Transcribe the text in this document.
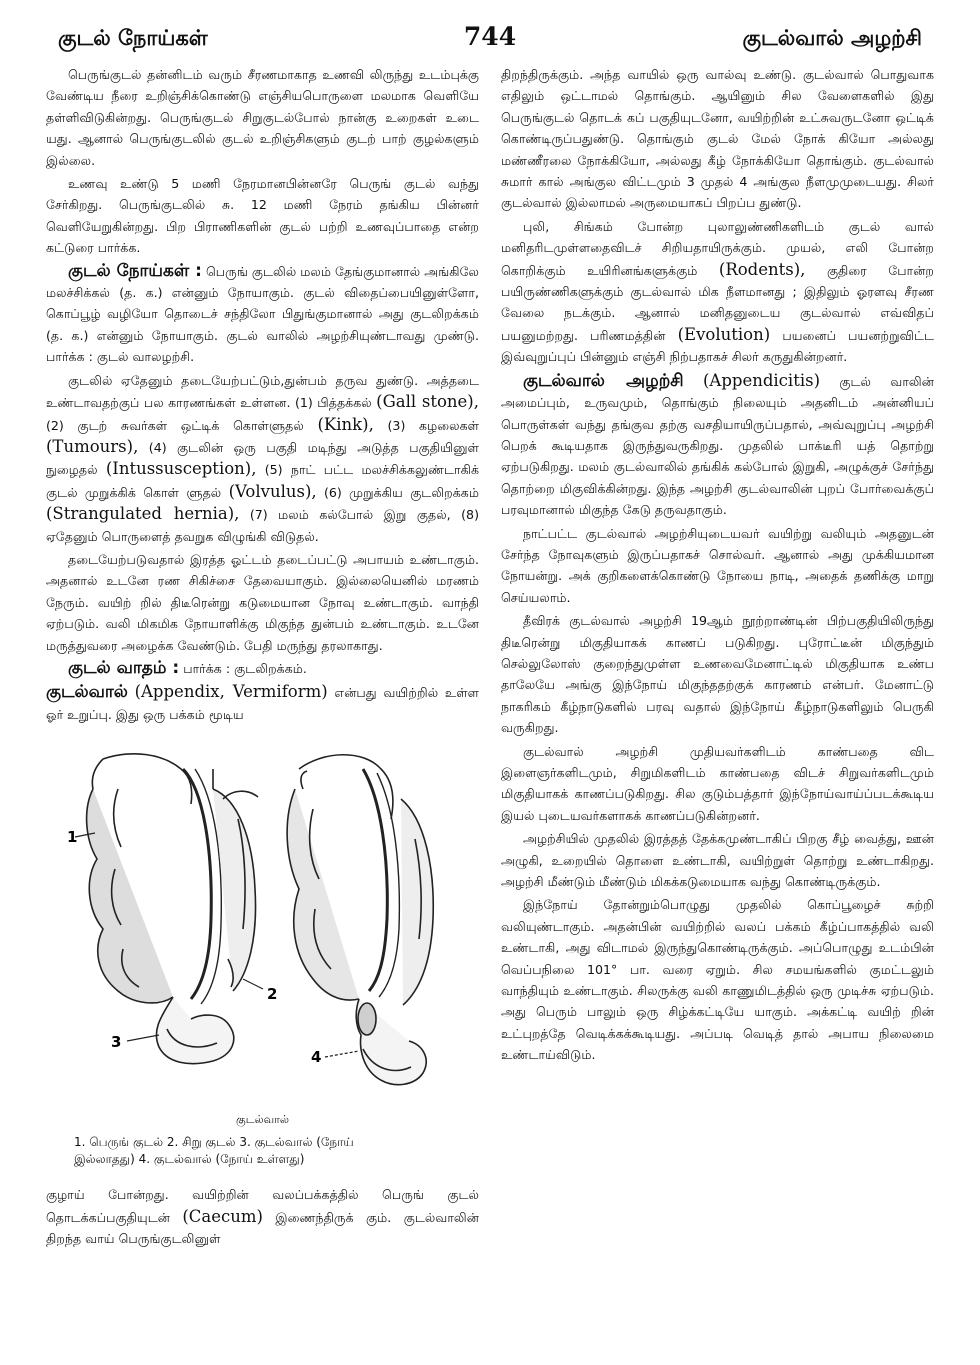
குடல் நோய்கள்	744	குடல்வால் அழற்சி

பெருங்குடல் தன்னிடம் வரும் சீரணமாகாத உணவி லிருந்து உடம்புக்கு வேண்டிய நீரை உறிஞ்சிக்கொண்டு எஞ்சியபொருளை மலமாக வெளியே தள்ளிவிடுகின்றது. பெருங்குடல் சிறுகுடல்போல் நான்கு உறைகள் உடை யது. ஆனால் பெருங்குடலில் குடல் உறிஞ்சிகளும் குடற் பாற் குழல்களும் இல்லை.

உணவு உண்டு 5 மணி நேரமானபின்னரே பெருங் குடல் வந்து சேர்கிறது. பெருங்குடலில் சு. 12 மணி நேரம் தங்கிய பின்னர் வெளியேறுகின்றது. பிற பிராணிகளின் குடல் பற்றி உணவுப்பாதை என்ற கட்டுரை பார்க்க.

குடல் நோய்கள் : பெருங் குடலில் மலம் தேங்குமானால் அங்கிலே மலச்சிக்கல் (த. க.) என்னும் நோயாகும். குடல் விதைப்பையினுள்ளோ, கொப்பூழ் வழியோ தொடைச் சந்திலோ பிதுங்குமானால் அது குடலிறக்கம் (த. க.) என்னும் நோயாகும். குடல் வாலில் அழற்சியுண்டாவது முண்டு. பார்க்க : குடல் வாலழற்சி.

குடலில் ஏதேனும் தடையேற்பட்டும்,துன்பம் தருவ துண்டு. அத்தடை உண்டாவதற்குப் பல காரணங்கள் உள்ளன. (1) பித்தக்கல் (Gall stone), (2) குடற் சுவர்கள் ஒட்டிக் கொள்ளுதல் (Kink), (3) கழலைகள் (Tumours), (4) குடலின் ஒரு பகுதி மடிந்து அடுத்த பகுதியினுள் நுழைதல் (Intussusception), (5) நாட் பட்ட மலச்சிக்கலுண்டாகிக் குடல் முறுக்கிக் கொள் ளுதல் (Volvulus), (6) முறுக்கிய குடலிறக்கம் (Strangulated hernia), (7) மலம் கல்போல் இறு குதல், (8) ஏதேனும் பொருளைத் தவறுக விழுங்கி விடுதல்.

தடையேற்படுவதால் இரத்த ஓட்டம் தடைப்பட்டு அபாயம் உண்டாகும். அதனால் உடனே ரண சிகிச்சை தேவையாகும். இல்லையெனில் மரணம் நேரும். வயிற் றில் திடீரென்று கடுமையான நோவு உண்டாகும். வாந்தி ஏற்படும். வலி மிகமிக நோயாளிக்கு மிகுந்த துன்பம் உண்டாகும். உடனே மருத்துவரை அழைக்க வேண்டும். பேதி மருந்து தரலாகாது.

குடல் வாதம் : பார்க்க : குடலிறக்கம்.

குடல்வால் (Appendix, Vermiform) என்பது வயிற்றில் உள்ள ஓர் உறுப்பு. இது ஒரு பக்கம் மூடிய

1
2
3
4
குடல்வால்
1. பெருங் குடல் 2. சிறு குடல் 3. குடல்வால் (நோய்
இல்லாதது) 4. குடல்வால் (நோய் உள்ளது)

குழாய் போன்றது. வயிற்றின் வலப்பக்கத்தில் பெருங் குடல் தொடக்கப்பகுதியுடன் (Caecum) இணைந்திருக் கும். குடல்வாலின் திறந்த வாய் பெருங்குடலினுள்

திறந்திருக்கும். அந்த வாயில் ஒரு வால்வு உண்டு. குடல்வால் பொதுவாக எதிலும் ஒட்டாமல் தொங்கும். ஆயினும் சில வேளைகளில் இது பெருங்குடல் தொடக் கப் பகுதியுடனோ, வயிற்றின் உட்சுவருடனோ ஒட்டிக் கொண்டிருப்பதுண்டு. தொங்கும் குடல் மேல் நோக் கியோ அல்லது மண்ணீரலை நோக்கியோ, அல்லது கீழ் நோக்கியோ தொங்கும். குடல்வால் சுமார் கால் அங்குல விட்டமும் 3 முதல் 4 அங்குல நீளமுமுடையது. சிலர் குடல்வால் இல்லாமல் அருமையாகப் பிறப்ப துண்டு.

புலி, சிங்கம் போன்ற புலாலுண்ணிகளிடம் குடல் வால் மனிதரிடமுள்ளதைவிடச் சிறியதாயிருக்கும். முயல், எலி போன்ற கொறிக்கும் உயிரினங்களுக்கும் (Rodents), குதிரை போன்ற பயிருண்ணிகளுக்கும் குடல்வால் மிக நீளமானது ; இதிலும் ஓரளவு சீரண வேலை நடக்கும். ஆனால் மனிதனுடைய குடல்வால் எவ்விதப் பயனுமற்றது. பரிணமத்தின் (Evolution) பயனைப் பயனற்றுவிட்ட இவ்வுறுப்புப் பின்னும் எஞ்சி நிற்பதாகச் சிலர் கருதுகின்றனர்.

குடல்வால் அழற்சி (Appendicitis) குடல் வாலின் அமைப்பும், உருவமும், தொங்கும் நிலையும் அதனிடம் அன்னியப் பொருள்கள் வந்து தங்குவ தற்கு வசதியாயிருப்பதால், அவ்வுறுப்பு அழற்சி பெறக் கூடியதாக இருந்துவருகிறது. முதலில் பாக்டீரி யத் தொற்று ஏற்படுகிறது. மலம் குடல்வாலில் தங்கிக் கல்போல் இறுகி, அழுக்குச் சேர்ந்து தொற்றை மிகுவிக்கின்றது. இந்த அழற்சி குடல்வாலின் புறப் போர்வைக்குப் பரவுமானால் மிகுந்த கேடு தருவதாகும்.

நாட்பட்ட குடல்வால் அழற்சியுடையவர் வயிற்று வலியும் அதனுடன் சேர்ந்த நோவுகளும் இருப்பதாகச் சொல்வர். ஆனால் அது முக்கியமான நோயன்று. அக் குறிகளைக்கொண்டு நோயை நாடி, அதைக் தணிக்கு மாறு செய்யலாம்.

தீவிரக் குடல்வால் அழற்சி 19ஆம் நூற்றாண்டின் பிற்பகுதியிலிருந்து திடீரென்று மிகுதியாகக் காணப் படுகிறது. புரோட்டீன் மிகுந்தும் செல்லுலோஸ் குறைந்துமுள்ள உணவைமேனாட்டில் மிகுதியாக உண்ப தாலேயே அங்கு இந்நோய் மிகுந்ததற்குக் காரணம் என்பர். மேனாட்டு நாகரிகம் கீழ்நாடுகளில் பரவு வதால் இந்நோய் கீழ்நாடுகளிலும் பெருகி வருகிறது.

குடல்வால் அழற்சி முதியவர்களிடம் காண்பதை விட இளைஞர்களிடமும், சிறுமிகளிடம் காண்பதை விடச் சிறுவர்களிடமும் மிகுதியாகக் காணப்படுகிறது. சில குடும்பத்தார் இந்நோய்வாய்ப்படக்கூடிய இயல் புடையவர்களாகக் காணப்படுகின்றனர்.

அழற்சியில் முதலில் இரத்தத் தேக்கமுண்டாகிப் பிறகு சீழ் வைத்து, ஊன் அழுகி, உறையில் தொளை உண்டாகி, வயிற்றுள் தொற்று உண்டாகிறது. அழற்சி மீண்டும் மீண்டும் மிகக்கடுமையாக வந்து கொண்டிருக்கும்.

இந்நோய் தோன்றும்பொழுது முதலில் கொப்பூழைச் சுற்றி வலியுண்டாகும். அதன்பின் வயிற்றில் வலப் பக்கம் கீழ்ப்பாகத்தில் வலி உண்டாகி, அது விடாமல் இருந்துகொண்டிருக்கும். அப்பொழுது உடம்பின் வெப்பநிலை 101° பா. வரை ஏறும். சில சமயங்களில் குமட்டலும் வாந்தியும் உண்டாகும். சிலருக்கு வலி காணுமிடத்தில் ஒரு முடிச்சு ஏற்படும். அது பெரும் பாலும் ஒரு சிழ்க்கட்டியே யாகும். அக்கட்டி வயிற் றின் உட்புறத்தே வெடிக்கக்கூடியது. அப்படி வெடித் தால் அபாய நிலைமை உண்டாய்விடும்.
